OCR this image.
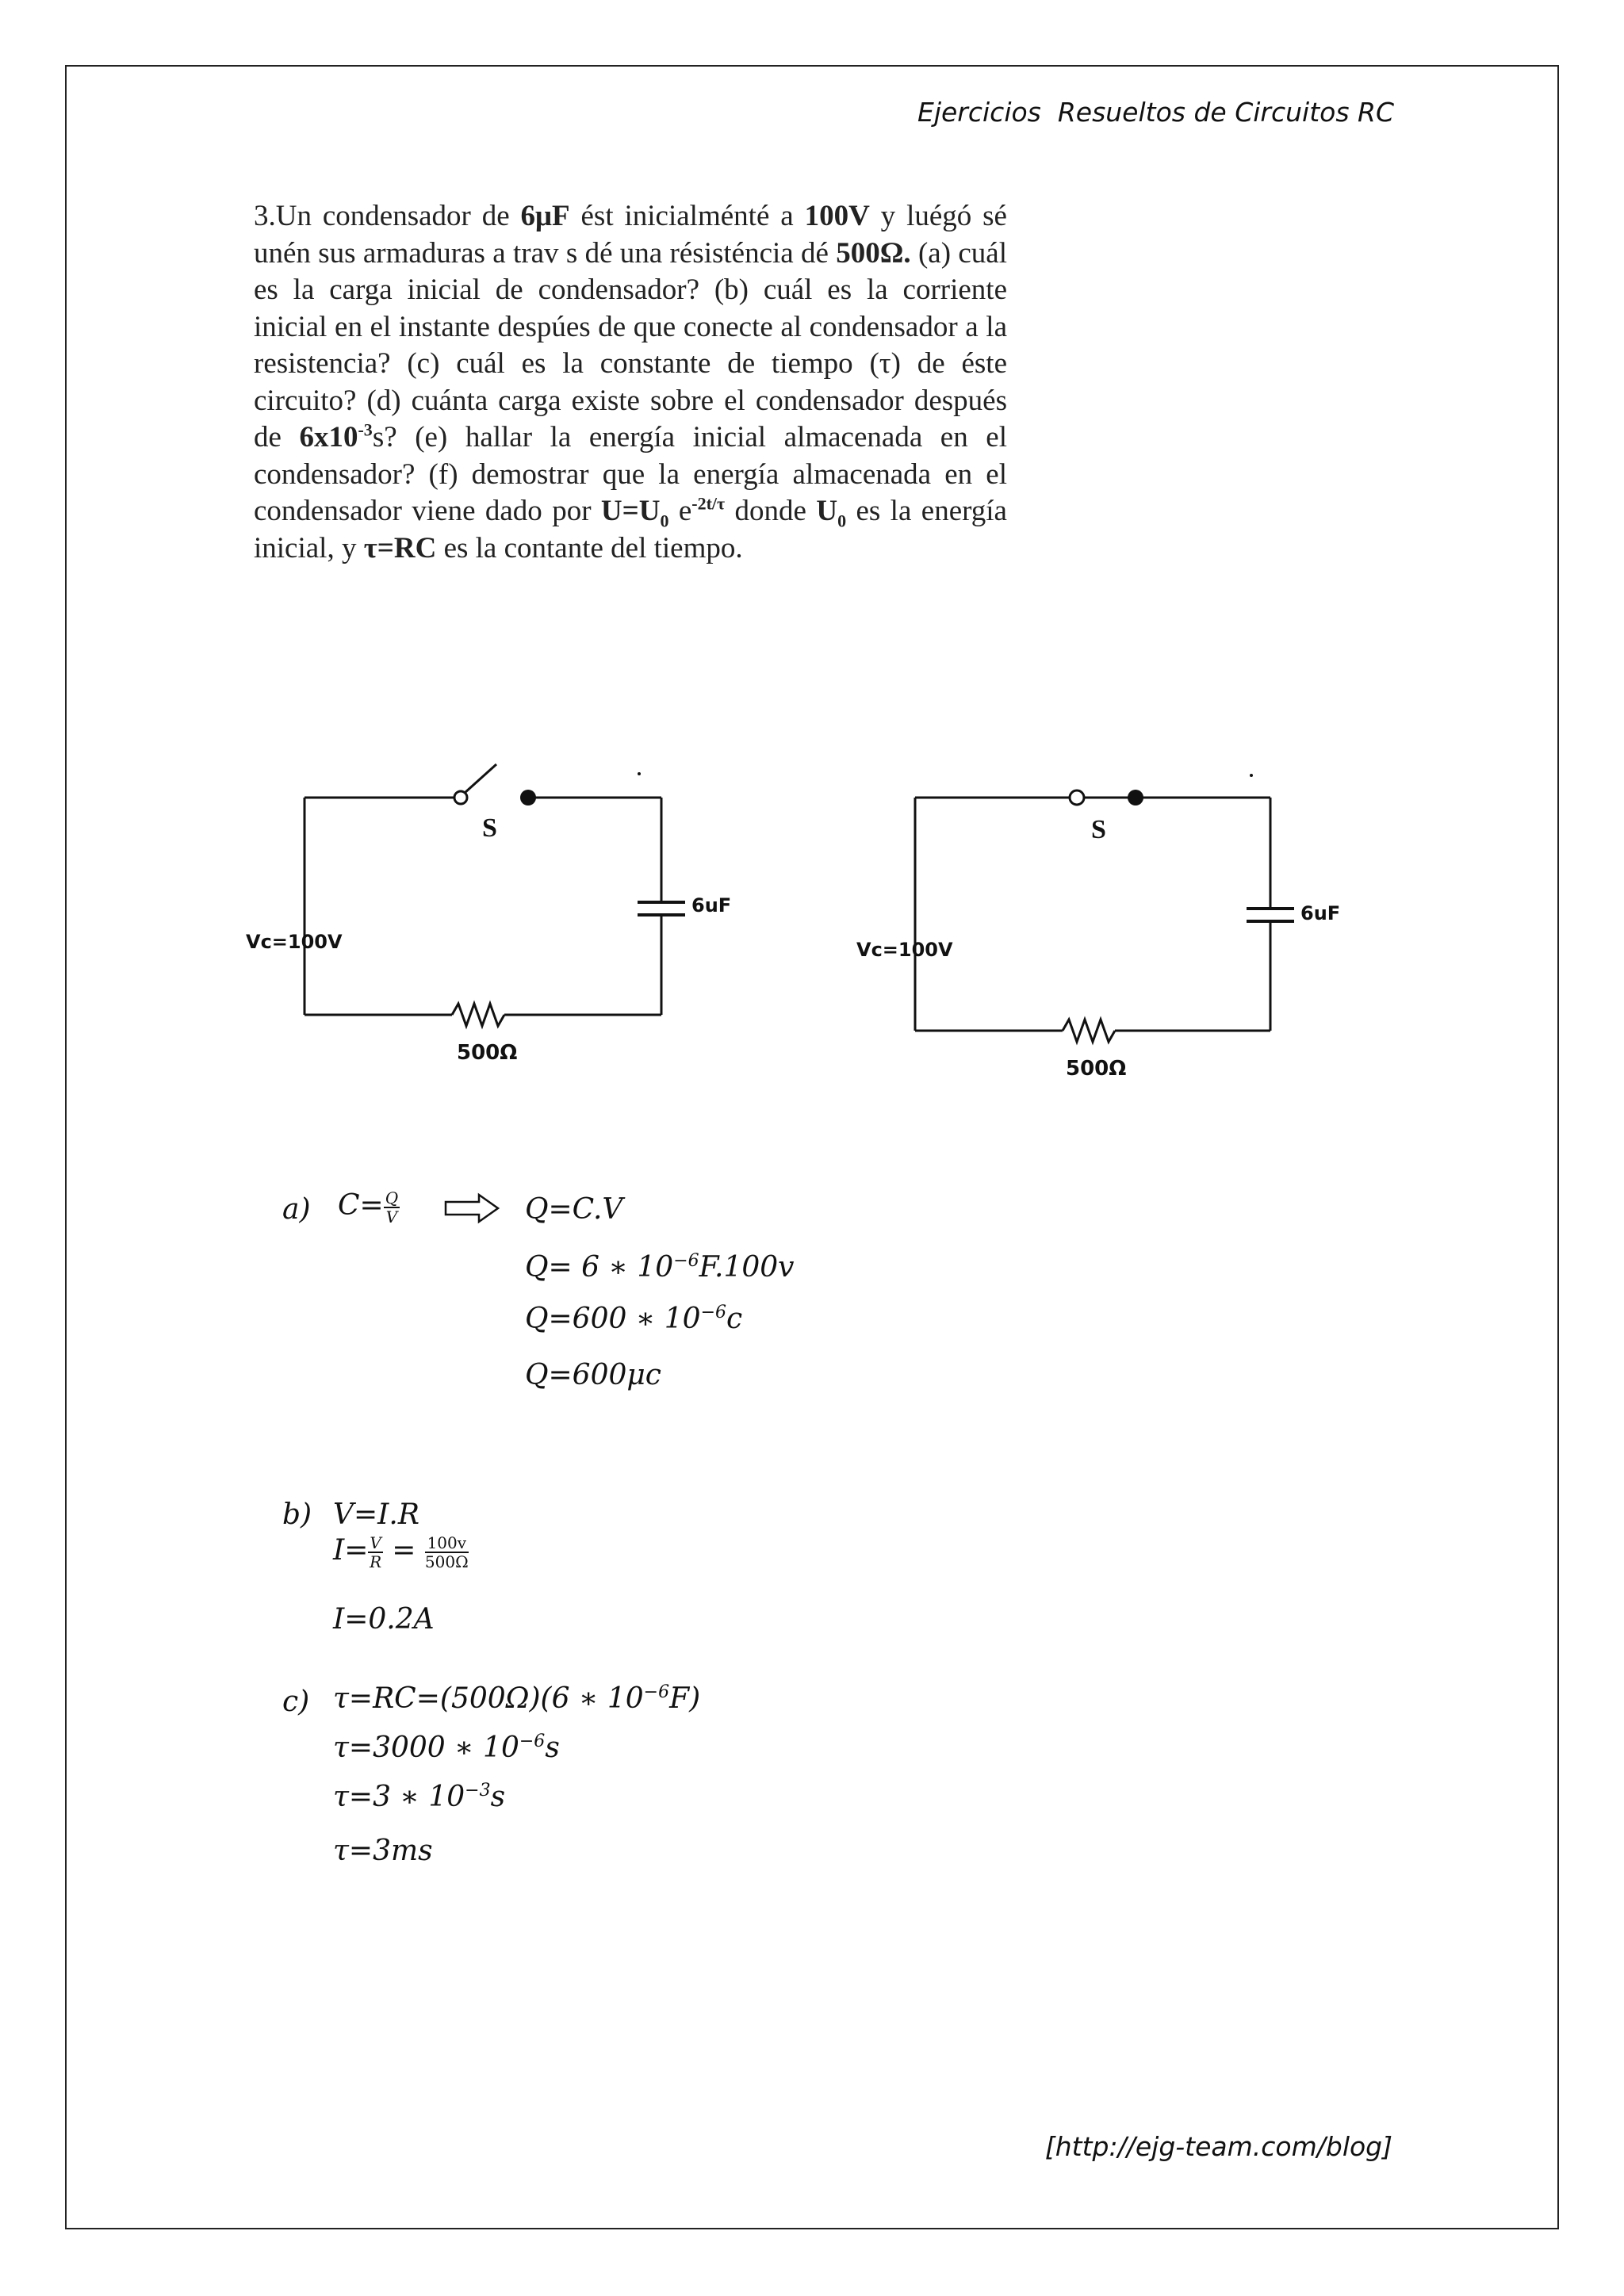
Ejercicios  Resueltos de Circuitos RC
3.Un condensador de 6μF ést inicialménté a 100V y luégó sé unén sus armaduras a trav s dé una résisténcia dé 500Ω. (a) cuál es la carga inicial de condensador? (b) cuál es la corriente inicial en el instante despúes de que conecte al condensador a la resistencia? (c) cuál es la constante de tiempo (τ) de éste circuito? (d) cuánta carga existe sobre el condensador después de $6x10^{-3}s$? (e) hallar la energía inicial almacenada en el condensador? (f) demostrar que la energía almacenada en el condensador viene dado por $U=U_0$ $e^{-2t/\tau}$ donde $U_0$ es la energía inicial, y τ=RC es la contante del tiempo.
S
6uF
Vc=100V
500Ω
S
6uF
Vc=100V
500Ω
a) $C= \frac{Q}{V}$	Q=C.V
Q= 6 ∗ $10^{-6}F.100v$
Q=600 ∗ $10^{-6}c$
Q=600μc
b) V=I.R
$I= \frac{V}{R} = \frac{100v}{500\Omega}$
I=0.2A
c) τ=RC=(500Ω)(6 ∗ $10^{-6}F$)
τ=3000 ∗ $10^{-6}s$
τ=3 ∗ $10^{-3}s$
τ=3ms
[http://ejg-team.com/blog]
